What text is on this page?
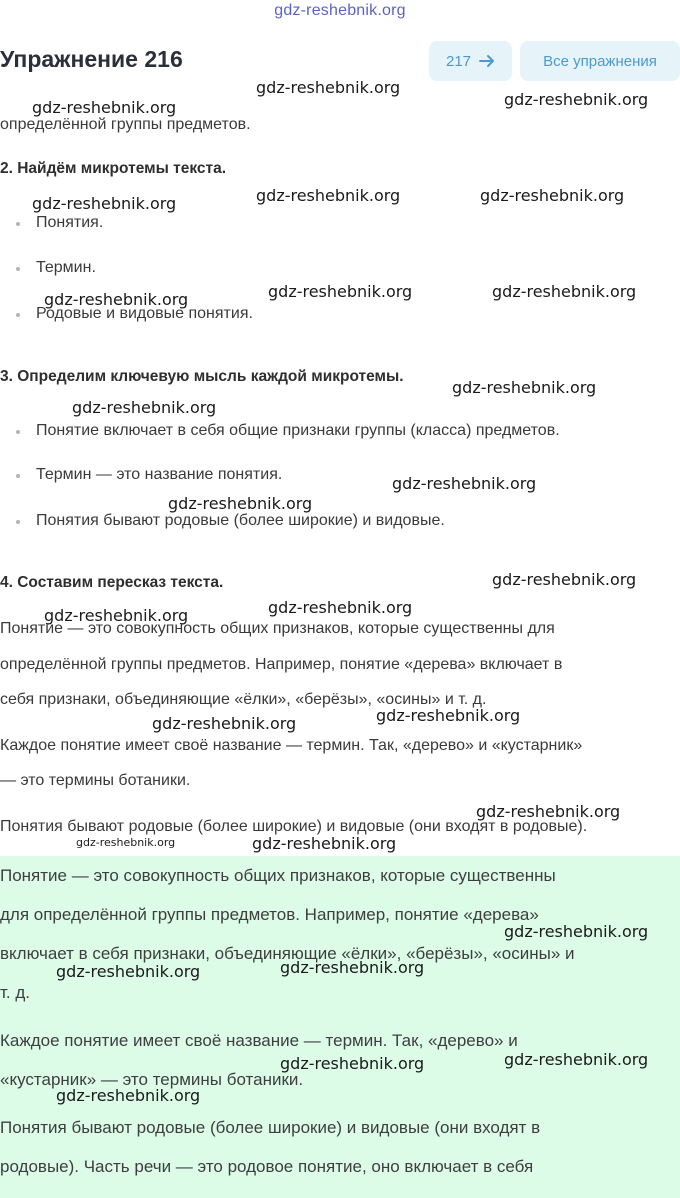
gdz-reshebnik.org
Упражнение 216	217	Все упражнения
определённой группы предметов.
2. Найдём микротемы текста.
Понятия.
Термин.
Родовые и видовые понятия.
3. Определим ключевую мысль каждой микротемы.
Понятие включает в себя общие признаки группы (класса) предметов.
Термин — это название понятия.
Понятия бывают родовые (более широкие) и видовые.
4. Составим пересказ текста.
Понятие — это совокупность общих признаков, которые существенны для
определённой группы предметов. Например, понятие «дерева» включает в
себя признаки, объединяющие «ёлки», «берёзы», «осины» и т. д.
Каждое понятие имеет своё название — термин. Так, «дерево» и «кустарник»
— это термины ботаники.
Понятия бывают родовые (более широкие) и видовые (они входят в родовые).
Понятие — это совокупность общих признаков, которые существенны
для определённой группы предметов. Например, понятие «дерева»
включает в себя признаки, объединяющие «ёлки», «берёзы», «осины» и
т. д.
Каждое понятие имеет своё название — термин. Так, «дерево» и
«кустарник» — это термины ботаники.
Понятия бывают родовые (более широкие) и видовые (они входят в
родовые). Часть речи — это родовое понятие, оно включает в себя
gdz-reshebnik.org
gdz-reshebnik.org	gdz-reshebnik.org
gdz-reshebnik.org	gdz-reshebnik.org
gdz-reshebnik.org
gdz-reshebnik.org	gdz-reshebnik.org
gdz-reshebnik.org
gdz-reshebnik.org
gdz-reshebnik.org
gdz-reshebnik.org
gdz-reshebnik.org
gdz-reshebnik.org
gdz-reshebnik.org
gdz-reshebnik.org
gdz-reshebnik.org
gdz-reshebnik.org
gdz-reshebnik.org
gdz-reshebnik.org	gdz-reshebnik.org
gdz-reshebnik.org
gdz-reshebnik.org
gdz-reshebnik.org
gdz-reshebnik.org	gdz-reshebnik.org
gdz-reshebnik.org
